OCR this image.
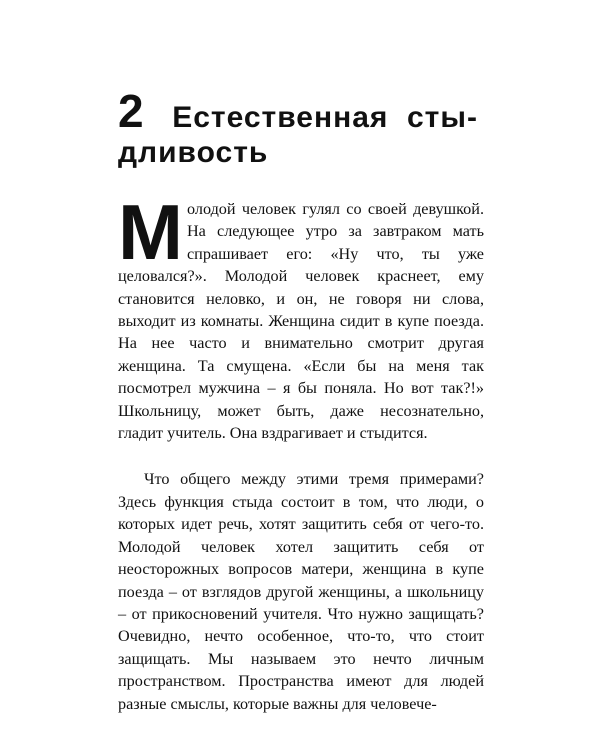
2 Естественная сты-
дливость

М олодой человек гулял со своей девушкой. На следующее утро за завтраком мать спрашивает его: «Ну что, ты уже целовался?». Молодой человек краснеет, ему становится неловко, и он, не говоря ни слова, выходит из комнаты. Женщина сидит в купе поезда. На нее часто и внимательно смотрит другая женщина. Та смущена. «Если бы на меня так посмотрел мужчина – я бы поняла. Но вот так?!» Школьницу, может быть, даже несознательно, гладит учитель. Она вздрагивает и стыдится.

Что общего между этими тремя примерами? Здесь функция стыда состоит в том, что люди, о которых идет речь, хотят защитить себя от чего-то. Молодой человек хотел защитить себя от неосторожных вопросов матери, женщина в купе поезда – от взглядов другой женщины, а школьницу – от прикосновений учителя. Что нужно защищать? Очевидно, нечто особенное, что-то, что стоит защищать. Мы называем это нечто личным пространством. Пространства имеют для людей разные смыслы, которые важны для человече-
